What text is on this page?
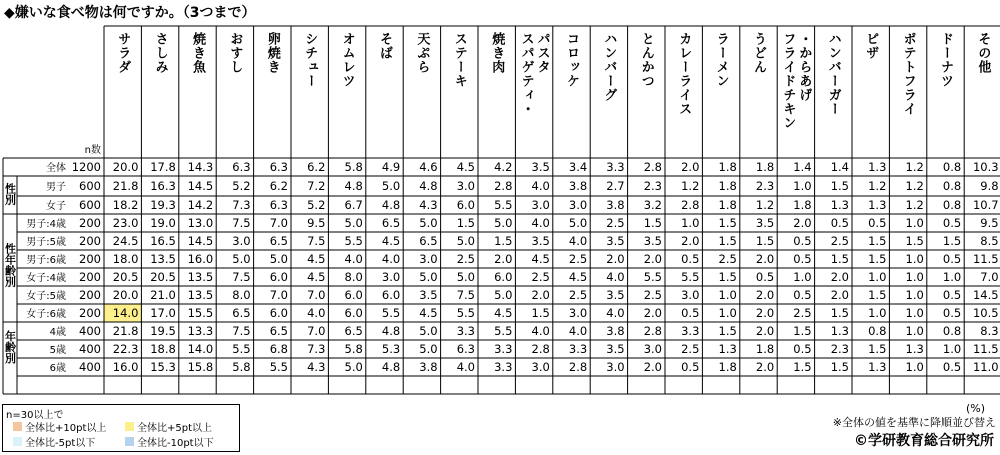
◆嫌いな食べ物は何ですか。（3つまで）
サラダ さしみ 焼き魚 おすし 卵焼き シチュー オムレツ そば 天ぷら ステーキ 焼き肉 パスタ
スパゲティ・ コロッケ ハンバーグ とんかつ カレーライス ラーメン うどん ・からあげ
フライドチキン ハンバーガー ピザ ポテトフライ ドーナツ その他
n数
全体 1200 20.0 17.8 14.3 6.3 6.3 6.2 5.8 4.9 4.6 4.5 4.2 3.5 3.4 3.3 2.8 2.0 1.8 1.8 1.4 1.4 1.3 1.2 0.8 10.3
男子 600 21.8 16.3 14.5 5.2 6.2 7.2 4.8 5.0 4.8 3.0 2.8 4.0 3.8 2.7 2.3 1.2 1.8 2.3 1.0 1.5 1.2 1.2 0.8 9.8
女子 600 18.2 19.3 14.2 7.3 6.3 5.2 6.7 4.8 4.3 6.0 5.5 3.0 3.0 3.8 3.2 2.8 1.8 1.2 1.8 1.3 1.3 1.2 0.8 10.7
男子:4歳 200 23.0 19.0 13.0 7.5 7.0 9.5 5.0 6.5 5.0 1.5 5.0 4.0 5.0 2.5 1.5 1.0 1.5 3.5 2.0 0.5 0.5 1.0 0.5 9.5
男子:5歳 200 24.5 16.5 14.5 3.0 6.5 7.5 5.5 4.5 6.5 5.0 1.5 3.5 4.0 3.5 3.5 2.0 1.5 1.5 0.5 2.5 1.5 1.5 1.5 8.5
男子:6歳 200 18.0 13.5 16.0 5.0 5.0 4.5 4.0 4.0 3.0 2.5 2.0 4.5 2.5 2.0 2.0 0.5 2.5 2.0 0.5 1.5 1.5 1.0 0.5 11.5
女子:4歳 200 20.5 20.5 13.5 7.5 6.0 4.5 8.0 3.0 5.0 5.0 6.0 2.5 4.5 4.0 5.5 5.5 1.5 0.5 1.0 2.0 1.0 1.0 1.0 7.0
女子:5歳 200 20.0 21.0 13.5 8.0 7.0 7.0 6.0 6.0 3.5 7.5 5.0 2.0 2.5 3.5 2.5 3.0 1.0 2.0 0.5 2.0 1.5 1.0 0.5 14.5
女子:6歳 200 14.0 17.0 15.5 6.5 6.0 4.0 6.0 5.5 4.5 5.5 4.5 1.5 3.0 4.0 2.0 0.5 1.0 2.0 2.5 1.5 1.0 1.0 0.5 10.5
4歳 400 21.8 19.5 13.3 7.5 6.5 7.0 6.5 4.8 5.0 3.3 5.5 4.0 4.0 3.8 2.8 3.3 1.5 2.0 1.5 1.3 0.8 1.0 0.8 8.3
5歳 400 22.3 18.8 14.0 5.5 6.8 7.3 5.8 5.3 5.0 6.3 3.3 2.8 3.3 3.5 3.0 2.5 1.3 1.8 0.5 2.3 1.5 1.3 1.0 11.5
6歳 400 16.0 15.3 15.8 5.8 5.5 4.3 5.0 4.8 3.8 4.0 3.3 3.0 2.8 3.0 2.0 0.5 1.8 2.0 1.5 1.5 1.3 1.0 0.5 11.0
性別
性年齢別
年齢別
n=30以上で
全体比+10pt以上	全体比+5pt以上
全体比-5pt以下	全体比-10pt以下
(%)
※全体の値を基準に降順並び替え
©学研教育総合研究所
